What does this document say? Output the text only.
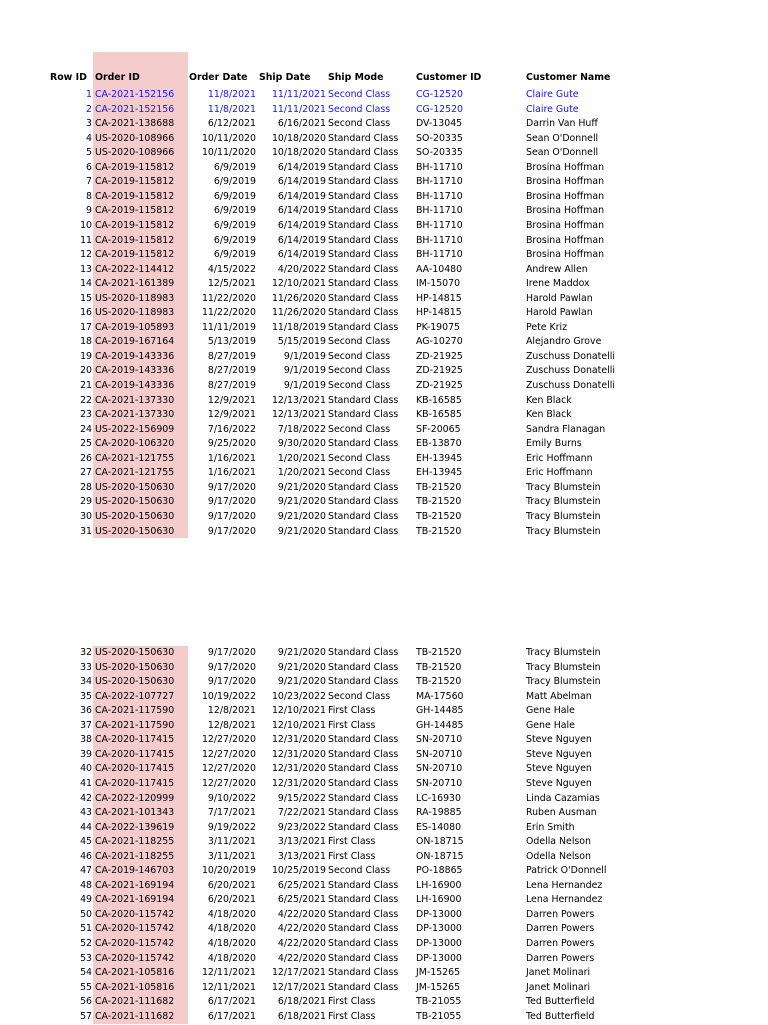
Row ID Order ID	Order Date Ship Date Ship Mode	Customer ID	Customer Name
1 CA-2021-152156	11/8/2021	11/11/2021 Second Class	CG-12520	Claire Gute
2 CA-2021-152156	11/8/2021	11/11/2021 Second Class	CG-12520	Claire Gute
3 CA-2021-138688	6/12/2021	6/16/2021 Second Class	DV-13045	Darrin Van Huff
4 US-2020-108966	10/11/2020	10/18/2020 Standard Class SO-20335	Sean O'Donnell
5 US-2020-108966	10/11/2020	10/18/2020 Standard Class SO-20335	Sean O'Donnell
6 CA-2019-115812	6/9/2019	6/14/2019 Standard Class BH-11710	Brosina Hoffman
7 CA-2019-115812	6/9/2019	6/14/2019 Standard Class BH-11710	Brosina Hoffman
8 CA-2019-115812	6/9/2019	6/14/2019 Standard Class BH-11710	Brosina Hoffman
9 CA-2019-115812	6/9/2019	6/14/2019 Standard Class BH-11710	Brosina Hoffman
10 CA-2019-115812	6/9/2019	6/14/2019 Standard Class BH-11710	Brosina Hoffman
11 CA-2019-115812	6/9/2019	6/14/2019 Standard Class BH-11710	Brosina Hoffman
12 CA-2019-115812	6/9/2019	6/14/2019 Standard Class BH-11710	Brosina Hoffman
13 CA-2022-114412	4/15/2022	4/20/2022 Standard Class AA-10480	Andrew Allen
14 CA-2021-161389	12/5/2021	12/10/2021 Standard Class IM-15070	Irene Maddox
15 US-2020-118983	11/22/2020	11/26/2020 Standard Class HP-14815	Harold Pawlan
16 US-2020-118983	11/22/2020	11/26/2020 Standard Class HP-14815	Harold Pawlan
17 CA-2019-105893	11/11/2019	11/18/2019 Standard Class PK-19075	Pete Kriz
18 CA-2019-167164	5/13/2019	5/15/2019 Second Class	AG-10270	Alejandro Grove
19 CA-2019-143336	8/27/2019	9/1/2019 Second Class	ZD-21925	Zuschuss Donatelli
20 CA-2019-143336	8/27/2019	9/1/2019 Second Class	ZD-21925	Zuschuss Donatelli
21 CA-2019-143336	8/27/2019	9/1/2019 Second Class	ZD-21925	Zuschuss Donatelli
22 CA-2021-137330	12/9/2021	12/13/2021 Standard Class KB-16585	Ken Black
23 CA-2021-137330	12/9/2021	12/13/2021 Standard Class KB-16585	Ken Black
24 US-2022-156909	7/16/2022	7/18/2022 Second Class	SF-20065	Sandra Flanagan
25 CA-2020-106320	9/25/2020	9/30/2020 Standard Class EB-13870	Emily Burns
26 CA-2021-121755	1/16/2021	1/20/2021 Second Class	EH-13945	Eric Hoffmann
27 CA-2021-121755	1/16/2021	1/20/2021 Second Class	EH-13945	Eric Hoffmann
28 US-2020-150630	9/17/2020	9/21/2020 Standard Class TB-21520	Tracy Blumstein
29 US-2020-150630	9/17/2020	9/21/2020 Standard Class TB-21520	Tracy Blumstein
30 US-2020-150630	9/17/2020	9/21/2020 Standard Class TB-21520	Tracy Blumstein
31 US-2020-150630	9/17/2020	9/21/2020 Standard Class TB-21520	Tracy Blumstein
32 US-2020-150630	9/17/2020	9/21/2020 Standard Class TB-21520	Tracy Blumstein
33 US-2020-150630	9/17/2020	9/21/2020 Standard Class TB-21520	Tracy Blumstein
34 US-2020-150630	9/17/2020	9/21/2020 Standard Class TB-21520	Tracy Blumstein
35 CA-2022-107727	10/19/2022	10/23/2022 Second Class	MA-17560	Matt Abelman
36 CA-2021-117590	12/8/2021	12/10/2021 First Class	GH-14485	Gene Hale
37 CA-2021-117590	12/8/2021	12/10/2021 First Class	GH-14485	Gene Hale
38 CA-2020-117415	12/27/2020	12/31/2020 Standard Class SN-20710	Steve Nguyen
39 CA-2020-117415	12/27/2020	12/31/2020 Standard Class SN-20710	Steve Nguyen
40 CA-2020-117415	12/27/2020	12/31/2020 Standard Class SN-20710	Steve Nguyen
41 CA-2020-117415	12/27/2020	12/31/2020 Standard Class SN-20710	Steve Nguyen
42 CA-2022-120999	9/10/2022	9/15/2022 Standard Class LC-16930	Linda Cazamias
43 CA-2021-101343	7/17/2021	7/22/2021 Standard Class RA-19885	Ruben Ausman
44 CA-2022-139619	9/19/2022	9/23/2022 Standard Class ES-14080	Erin Smith
45 CA-2021-118255	3/11/2021	3/13/2021 First Class	ON-18715	Odella Nelson
46 CA-2021-118255	3/11/2021	3/13/2021 First Class	ON-18715	Odella Nelson
47 CA-2019-146703	10/20/2019	10/25/2019 Second Class	PO-18865	Patrick O'Donnell
48 CA-2021-169194	6/20/2021	6/25/2021 Standard Class LH-16900	Lena Hernandez
49 CA-2021-169194	6/20/2021	6/25/2021 Standard Class LH-16900	Lena Hernandez
50 CA-2020-115742	4/18/2020	4/22/2020 Standard Class DP-13000	Darren Powers
51 CA-2020-115742	4/18/2020	4/22/2020 Standard Class DP-13000	Darren Powers
52 CA-2020-115742	4/18/2020	4/22/2020 Standard Class DP-13000	Darren Powers
53 CA-2020-115742	4/18/2020	4/22/2020 Standard Class DP-13000	Darren Powers
54 CA-2021-105816	12/11/2021	12/17/2021 Standard Class JM-15265	Janet Molinari
55 CA-2021-105816	12/11/2021	12/17/2021 Standard Class JM-15265	Janet Molinari
56 CA-2021-111682	6/17/2021	6/18/2021 First Class	TB-21055	Ted Butterfield
57 CA-2021-111682	6/17/2021	6/18/2021 First Class	TB-21055	Ted Butterfield
